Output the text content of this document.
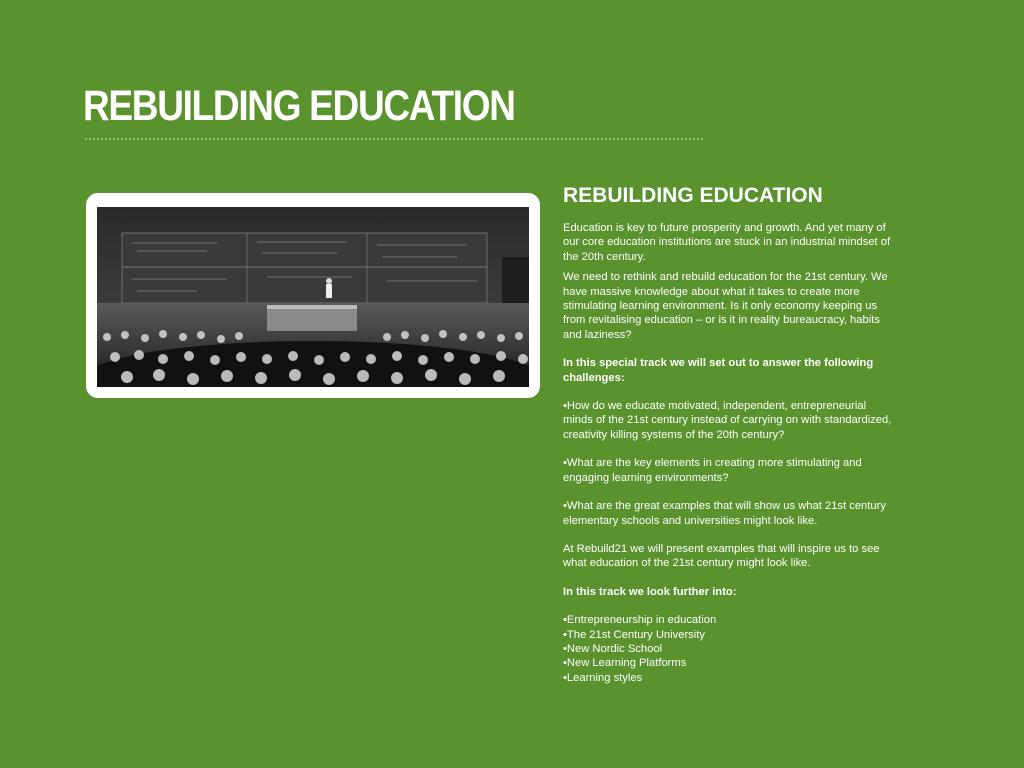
REBUILDING EDUCATION
REBUILDING EDUCATION

Education is key to future prosperity and growth. And yet many of our core education institutions are stuck in an industrial mindset of the 20th century.

We need to rethink and rebuild education for the 21st century. We have massive knowledge about what it takes to create more stimulating learning environment. Is it only economy keeping us from revitalising education – or is it in reality bureaucracy, habits and laziness?

In this special track we will set out to answer the following challenges:

•How do we educate motivated, independent, entrepreneurial minds of the 21st century instead of carrying on with standardized, creativity killing systems of the 20th century?

•What are the key elements in creating more stimulating and engaging learning environments?

•What are the great examples that will show us what 21st century elementary schools and universities might look like.

At Rebuild21 we will present examples that will inspire us to see what education of the 21st century might look like.

In this track we look further into:

•Entrepreneurship in education

•The 21st Century University

•New Nordic School

•New Learning Platforms

•Learning styles
